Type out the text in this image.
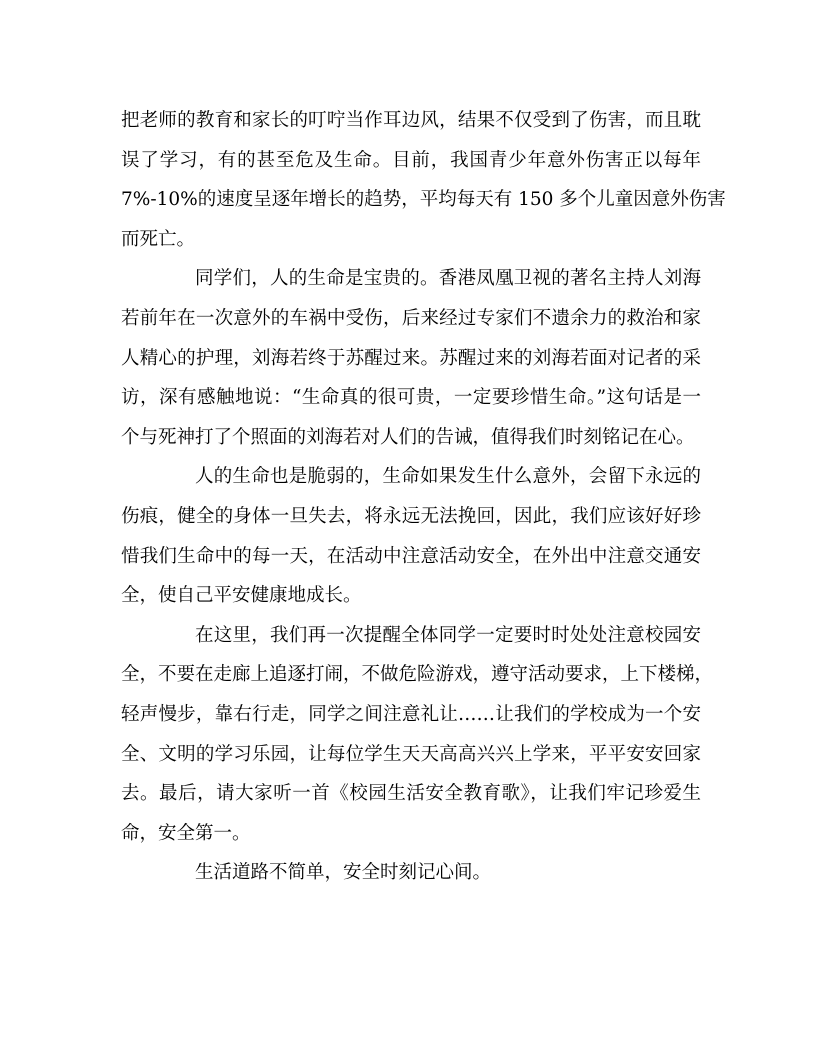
把老师的教育和家长的叮咛当作耳边风，结果不仅受到了伤害，而且耽
误了学习，有的甚至危及生命。目前，我国青少年意外伤害正以每年
7%-10%的速度呈逐年增长的趋势，平均每天有 150 多个儿童因意外伤害
而死亡。
同学们，人的生命是宝贵的。香港凤凰卫视的著名主持人刘海
若前年在一次意外的车祸中受伤，后来经过专家们不遗余力的救治和家
人精心的护理，刘海若终于苏醒过来。苏醒过来的刘海若面对记者的采
访，深有感触地说：“生命真的很可贵，一定要珍惜生命。”这句话是一
个与死神打了个照面的刘海若对人们的告诫，值得我们时刻铭记在心。
人的生命也是脆弱的，生命如果发生什么意外，会留下永远的
伤痕，健全的身体一旦失去，将永远无法挽回，因此，我们应该好好珍
惜我们生命中的每一天，在活动中注意活动安全，在外出中注意交通安
全，使自己平安健康地成长。
在这里，我们再一次提醒全体同学一定要时时处处注意校园安
全，不要在走廊上追逐打闹，不做危险游戏，遵守活动要求，上下楼梯，
轻声慢步，靠右行走，同学之间注意礼让……让我们的学校成为一个安
全、文明的学习乐园，让每位学生天天高高兴兴上学来，平平安安回家
去。最后，请大家听一首《校园生活安全教育歌》，让我们牢记珍爱生
命，安全第一。
生活道路不简单，安全时刻记心间。
